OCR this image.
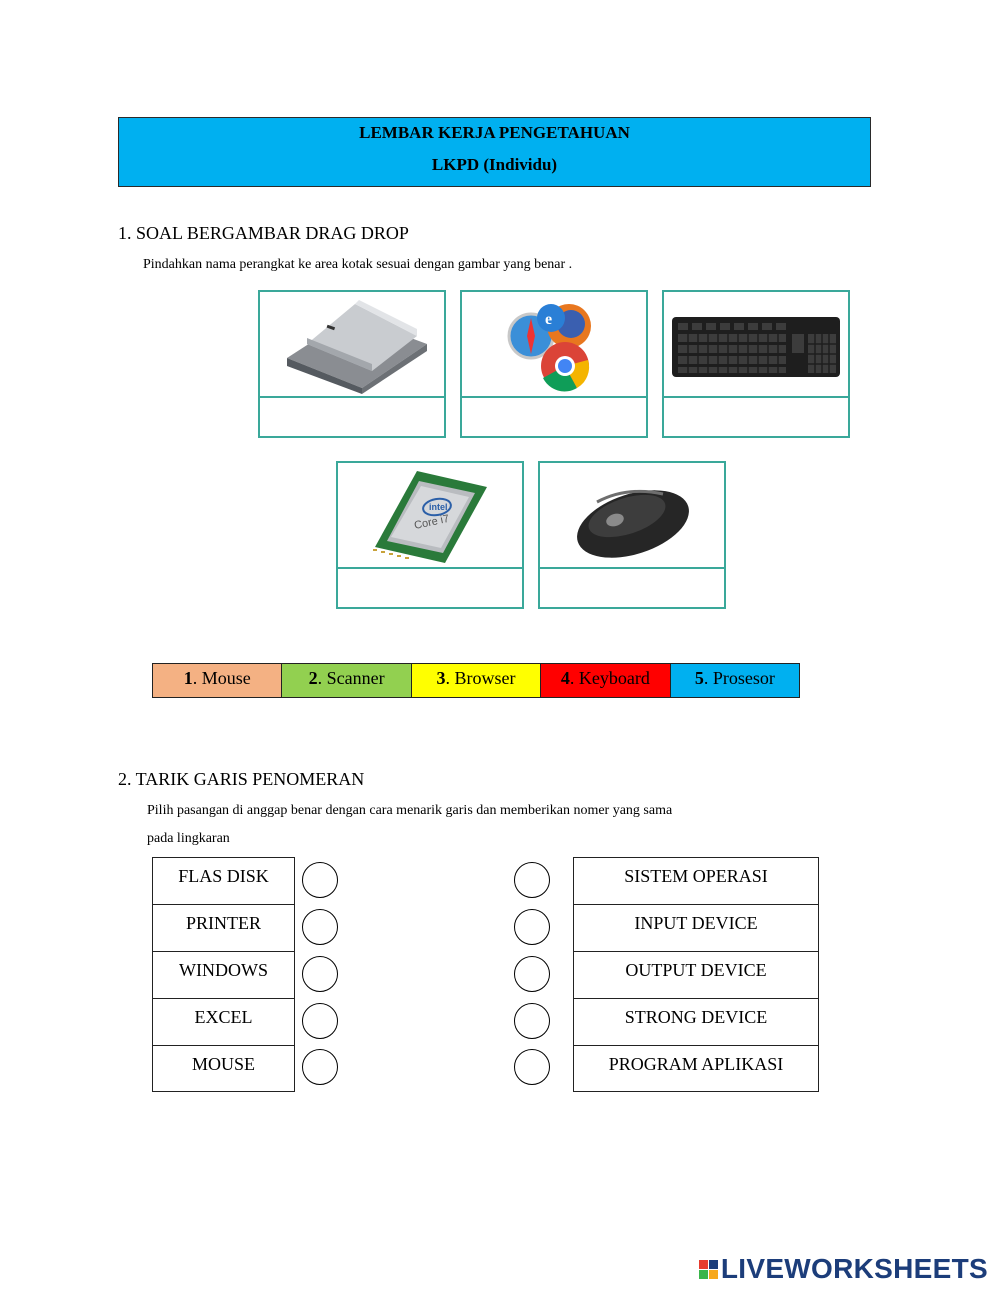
LEMBAR KERJA PENGETAHUAN
LKPD (Individu)
1. SOAL BERGAMBAR DRAG DROP
Pindahkan nama perangkat ke area kotak sesuai dengan gambar yang benar .
e
intel
Core i7
1. Mouse	2. Scanner	3. Browser	4. Keyboard	5. Prosesor
2. TARIK GARIS PENOMERAN
Pilih pasangan di anggap benar dengan cara menarik garis dan memberikan nomer yang sama
pada lingkaran
FLAS DISK
PRINTER
WINDOWS
EXCEL
MOUSE
SISTEM OPERASI
INPUT DEVICE
OUTPUT DEVICE
STRONG DEVICE
PROGRAM APLIKASI
LIVEWORKSHEETS
